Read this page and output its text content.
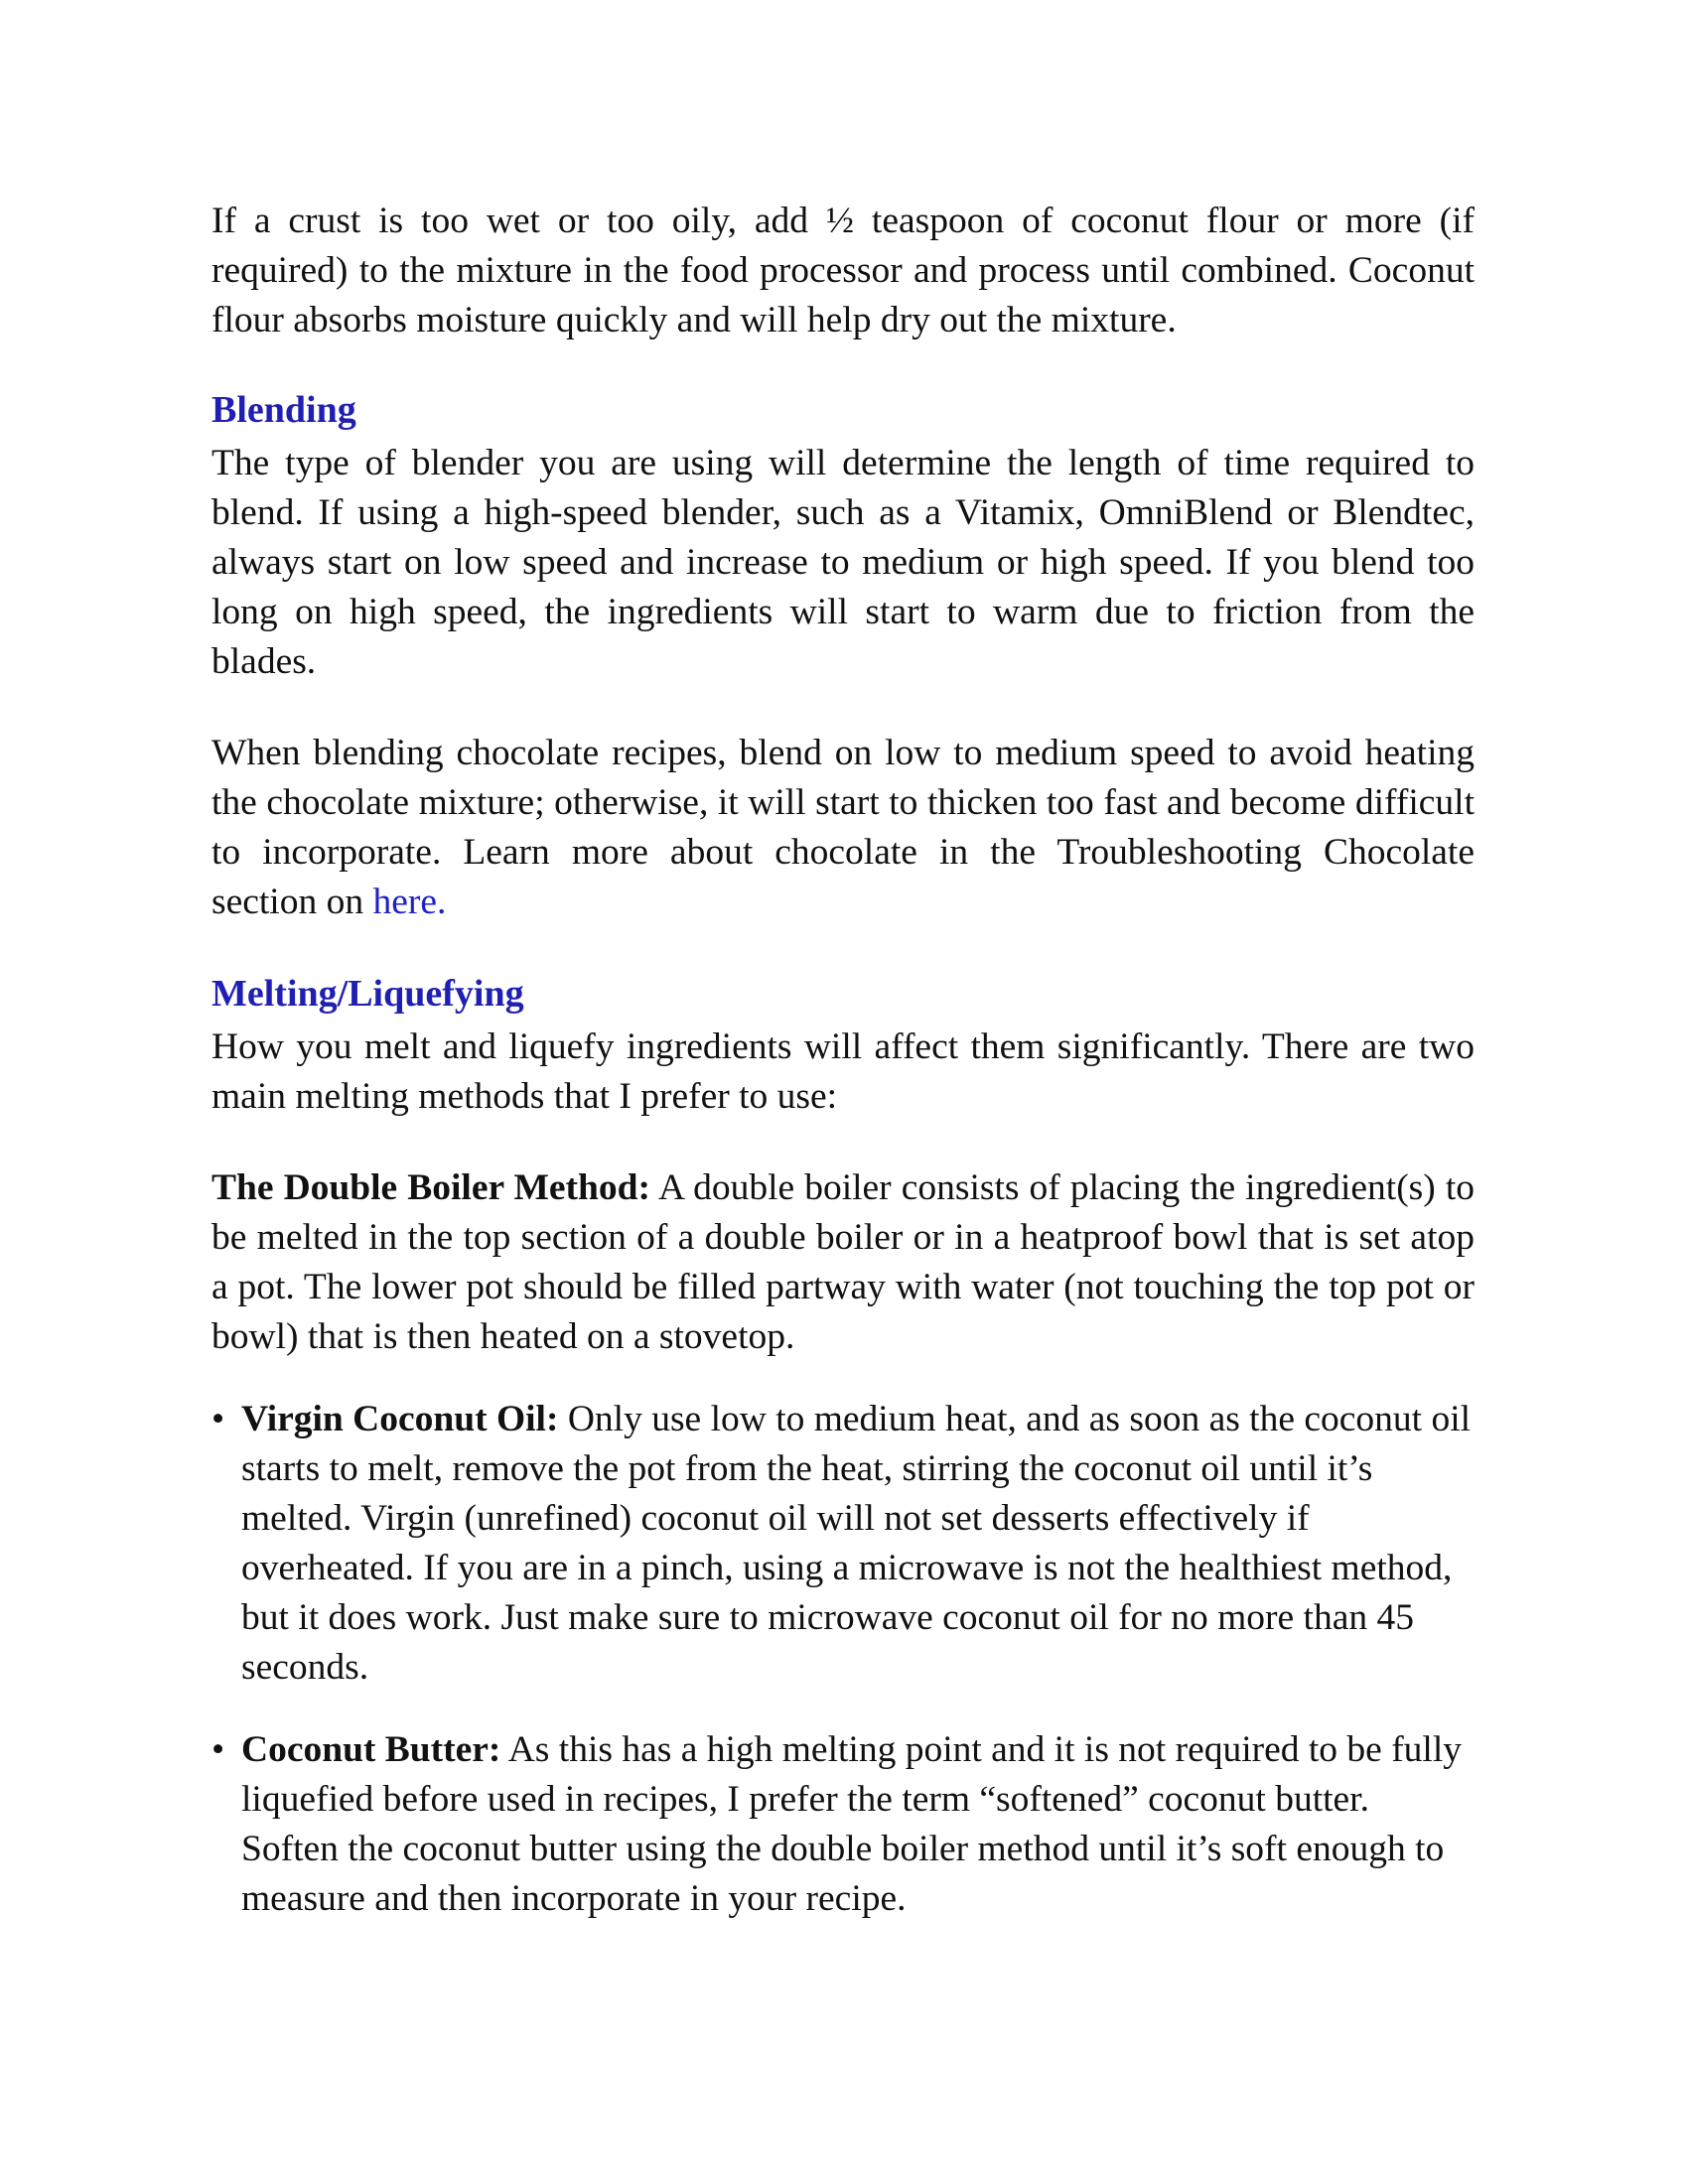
If a crust is too wet or too oily, add ½ teaspoon of coconut flour or more (if required) to the mixture in the food processor and process until combined. Coconut flour absorbs moisture quickly and will help dry out the mixture.

Blending

The type of blender you are using will determine the length of time required to blend. If using a high-speed blender, such as a Vitamix, OmniBlend or Blendtec, always start on low speed and increase to medium or high speed. If you blend too long on high speed, the ingredients will start to warm due to friction from the blades.

When blending chocolate recipes, blend on low to medium speed to avoid heating the chocolate mixture; otherwise, it will start to thicken too fast and become difficult to incorporate. Learn more about chocolate in the Troubleshooting Chocolate section on here.

Melting/Liquefying

How you melt and liquefy ingredients will affect them significantly. There are two main melting methods that I prefer to use:

The Double Boiler Method: A double boiler consists of placing the ingredient(s) to be melted in the top section of a double boiler or in a heatproof bowl that is set atop a pot. The lower pot should be filled partway with water (not touching the top pot or bowl) that is then heated on a stovetop.

• Virgin Coconut Oil: Only use low to medium heat, and as soon as the coconut oil starts to melt, remove the pot from the heat, stirring the coconut oil until it’s melted. Virgin (unrefined) coconut oil will not set desserts effectively if overheated. If you are in a pinch, using a microwave is not the healthiest method, but it does work. Just make sure to microwave coconut oil for no more than 45 seconds.
• Coconut Butter: As this has a high melting point and it is not required to be fully liquefied before used in recipes, I prefer the term “softened” coconut butter. Soften the coconut butter using the double boiler method until it’s soft enough to measure and then incorporate in your recipe.
